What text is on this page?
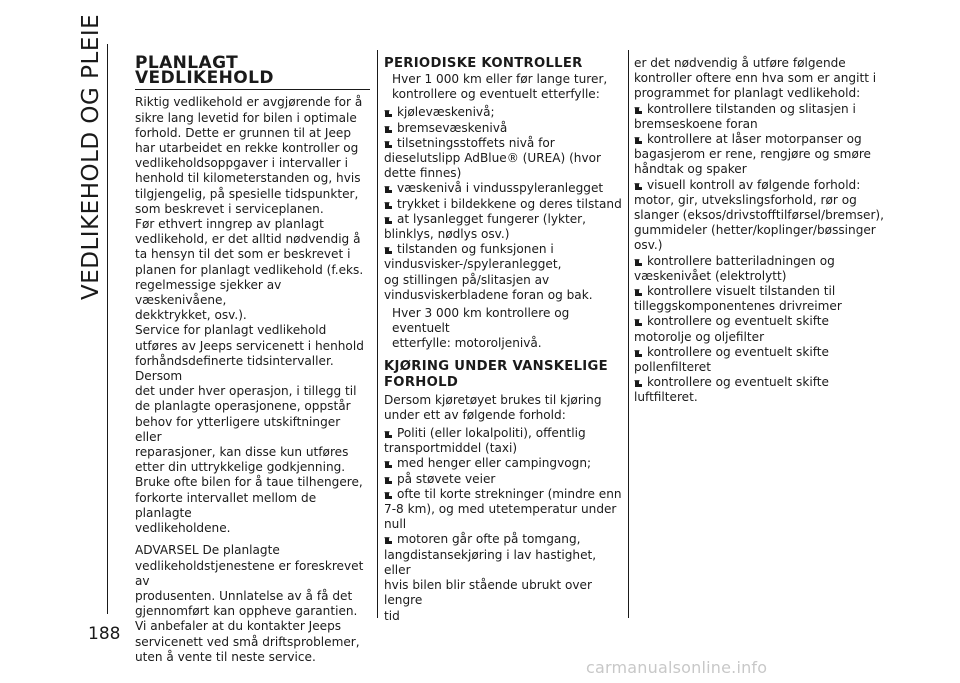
VEDLIKEHOLD OG PLEIE
188
PLANLAGT VEDLIKEHOLD
Riktig vedlikehold er avgjørende for å
sikre lang levetid for bilen i optimale
forhold. Dette er grunnen til at Jeep
har utarbeidet en rekke kontroller og
vedlikeholdsoppgaver i intervaller i
henhold til kilometerstanden og, hvis
tilgjengelig, på spesielle tidspunkter,
som beskrevet i serviceplanen.
Før ethvert inngrep av planlagt
vedlikehold, er det alltid nødvendig å
ta hensyn til det som er beskrevet i
planen for planlagt vedlikehold (f.eks.
regelmessige sjekker av væskenivåene,
dekktrykket, osv.).
Service for planlagt vedlikehold
utføres av Jeeps servicenett i henhold
forhåndsdefinerte tidsintervaller. Dersom
det under hver operasjon, i tillegg til
de planlagte operasjonene, oppstår
behov for ytterligere utskiftninger eller
reparasjoner, kan disse kun utføres
etter din uttrykkelige godkjenning.
Bruke ofte bilen for å taue tilhengere,
forkorte intervallet mellom de planlagte
vedlikeholdene.
ADVARSEL De planlagte
vedlikeholdstjenestene er foreskrevet av
produsenten. Unnlatelse av å få det
gjennomført kan oppheve garantien.
Vi anbefaler at du kontakter Jeeps
servicenett ved små driftsproblemer,
uten å vente til neste service.
PERIODISKE KONTROLLER
Hver 1 000 km eller før lange turer,
kontrollere og eventuelt etterfylle:
kjølevæskenivå;
bremsevæskenivå
tilsetningsstoffets nivå for
dieselutslipp AdBlue® (UREA) (hvor
dette finnes)
væskenivå i vindusspyleranlegget
trykket i bildekkene og deres tilstand
at lysanlegget fungerer (lykter,
blinklys, nødlys osv.)
tilstanden og funksjonen i
vindusvisker-/spyleranlegget,
og stillingen på/slitasjen av
vindusviskerbladene foran og bak.
Hver 3 000 km kontrollere og eventuelt
etterfylle: motoroljenivå.
KJØRING UNDER VANSKELIGE
FORHOLD
Dersom kjøretøyet brukes til kjøring
under ett av følgende forhold:
Politi (eller lokalpoliti), offentlig
transportmiddel (taxi)
med henger eller campingvogn;
på støvete veier
ofte til korte strekninger (mindre enn
7-8 km), og med utetemperatur under
null
motoren går ofte på tomgang,
langdistansekjøring i lav hastighet, eller
hvis bilen blir stående ubrukt over lengre
tid
er det nødvendig å utføre følgende
kontroller oftere enn hva som er angitt i
programmet for planlagt vedlikehold:
kontrollere tilstanden og slitasjen i
bremseskoene foran
kontrollere at låser motorpanser og
bagasjerom er rene, rengjøre og smøre
håndtak og spaker
visuell kontroll av følgende forhold:
motor, gir, utvekslingsforhold, rør og
slanger (eksos/drivstofftilførsel/bremser),
gummideler (hetter/koplinger/bøssinger
osv.)
kontrollere batteriladningen og
væskenivået (elektrolytt)
kontrollere visuelt tilstanden til
tilleggskomponentenes drivreimer
kontrollere og eventuelt skifte
motorolje og oljefilter
kontrollere og eventuelt skifte
pollenfilteret
kontrollere og eventuelt skifte
luftfilteret.
carmanualsonline.info
